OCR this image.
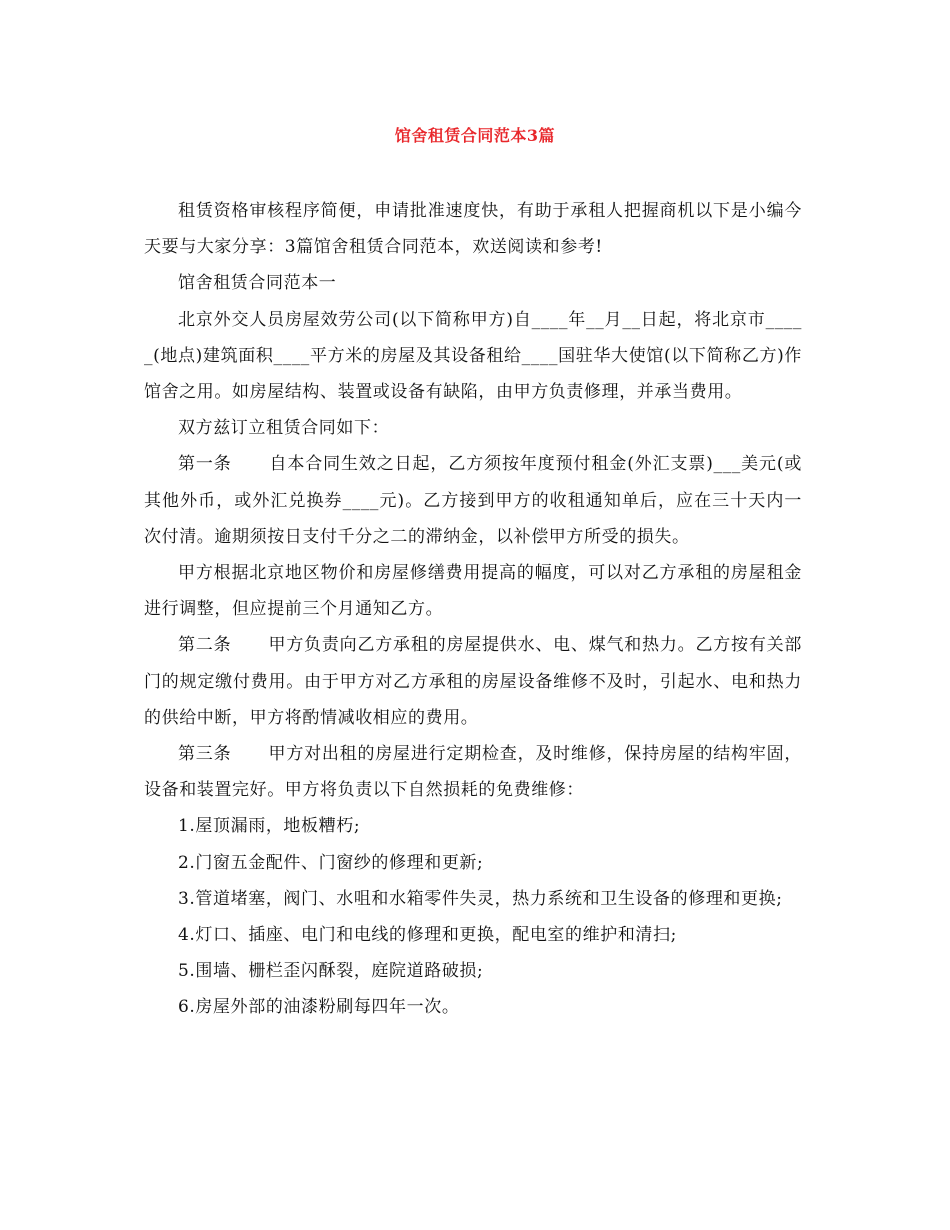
馆舍租赁合同范本3篇

租赁资格审核程序简便，申请批准速度快，有助于承租人把握商机以下是小编今天要与大家分享：3篇馆舍租赁合同范本，欢送阅读和参考!

馆舍租赁合同范本一

北京外交人员房屋效劳公司(以下简称甲方)自____年__月__日起，将北京市_____(地点)建筑面积____平方米的房屋及其设备租给____国驻华大使馆(以下简称乙方)作馆舍之用。如房屋结构、装置或设备有缺陷，由甲方负责修理，并承当费用。

双方兹订立租赁合同如下：

第一条 自本合同生效之日起，乙方须按年度预付租金(外汇支票)___美元(或其他外币，或外汇兑换券____元)。乙方接到甲方的收租通知单后，应在三十天内一次付清。逾期须按日支付千分之二的滞纳金，以补偿甲方所受的损失。

甲方根据北京地区物价和房屋修缮费用提高的幅度，可以对乙方承租的房屋租金进行调整，但应提前三个月通知乙方。

第二条 甲方负责向乙方承租的房屋提供水、电、煤气和热力。乙方按有关部门的规定缴付费用。由于甲方对乙方承租的房屋设备维修不及时，引起水、电和热力的供给中断，甲方将酌情减收相应的费用。

第三条 甲方对出租的房屋进行定期检查，及时维修，保持房屋的结构牢固，设备和装置完好。甲方将负责以下自然损耗的免费维修：

1.屋顶漏雨，地板糟朽;

2.门窗五金配件、门窗纱的修理和更新;

3.管道堵塞，阀门、水咀和水箱零件失灵，热力系统和卫生设备的修理和更换;

4.灯口、插座、电门和电线的修理和更换，配电室的维护和清扫;

5.围墙、栅栏歪闪酥裂，庭院道路破损;

6.房屋外部的油漆粉刷每四年一次。
